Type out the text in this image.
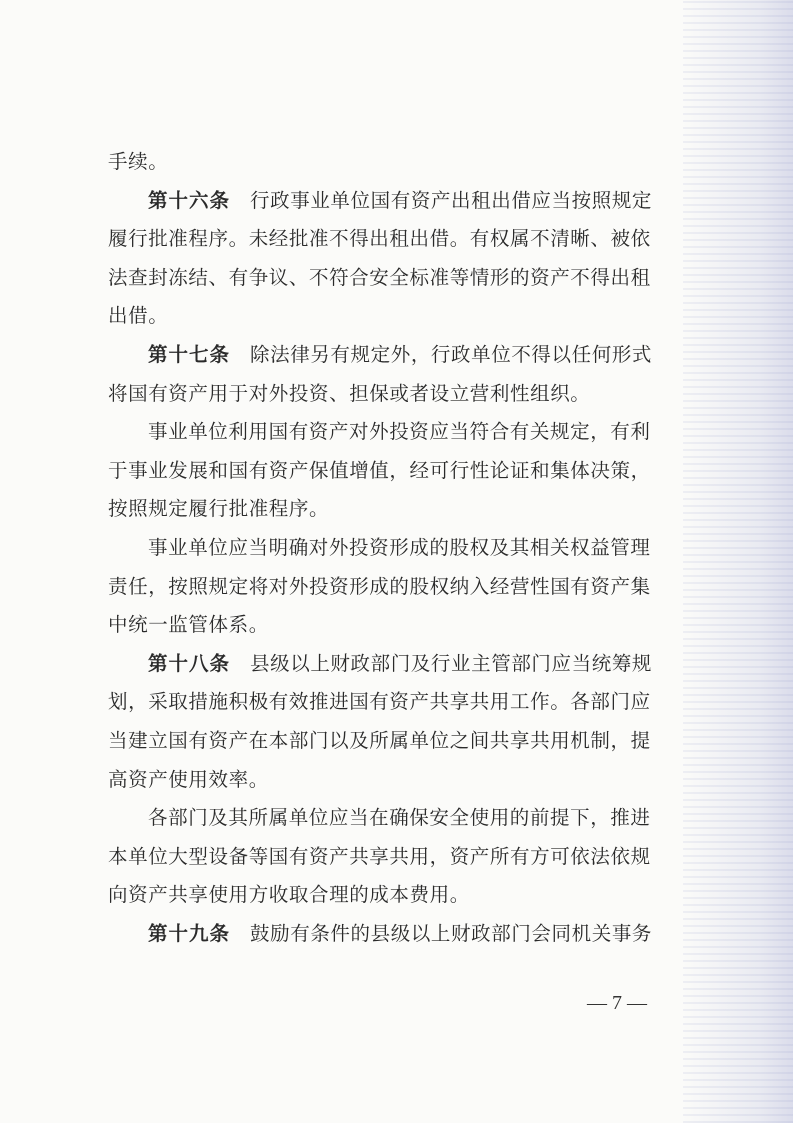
手续。
第十六条 行政事业单位国有资产出租出借应当按照规定
履行批准程序。未经批准不得出租出借。有权属不清晰、被依
法查封冻结、有争议、不符合安全标准等情形的资产不得出租
出借。
第十七条 除法律另有规定外，行政单位不得以任何形式
将国有资产用于对外投资、担保或者设立营利性组织。
事业单位利用国有资产对外投资应当符合有关规定，有利
于事业发展和国有资产保值增值，经可行性论证和集体决策，
按照规定履行批准程序。
事业单位应当明确对外投资形成的股权及其相关权益管理
责任，按照规定将对外投资形成的股权纳入经营性国有资产集
中统一监管体系。
第十八条 县级以上财政部门及行业主管部门应当统筹规
划，采取措施积极有效推进国有资产共享共用工作。各部门应
当建立国有资产在本部门以及所属单位之间共享共用机制，提
高资产使用效率。
各部门及其所属单位应当在确保安全使用的前提下，推进
本单位大型设备等国有资产共享共用，资产所有方可依法依规
向资产共享使用方收取合理的成本费用。
第十九条 鼓励有条件的县级以上财政部门会同机关事务
— 7 —
